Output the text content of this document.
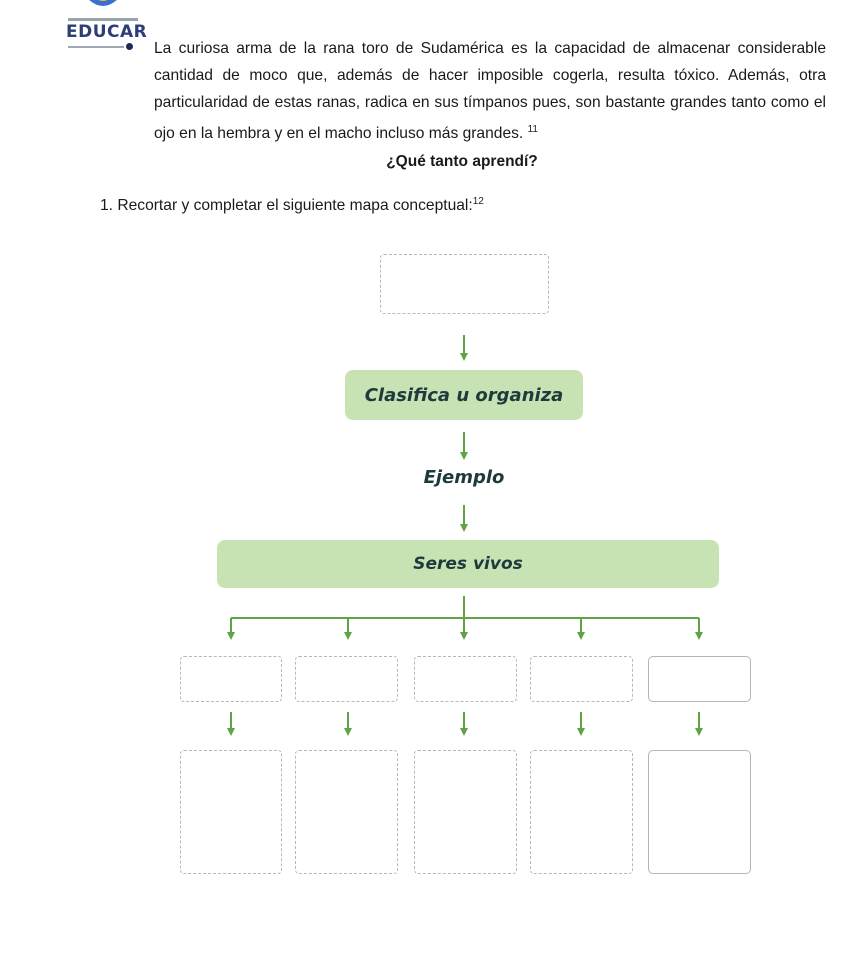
EDUCAR

La curiosa arma de la rana toro de Sudamérica es la capacidad de almacenar considerable cantidad de moco que, además de hacer imposible cogerla, resulta tóxico. Además, otra particularidad de estas ranas, radica en sus tímpanos pues, son bastante grandes tanto como el ojo en la hembra y en el macho incluso más grandes. $^{11}$

¿Qué tanto aprendí?

1. Recortar y completar el siguiente mapa conceptual:$^{12}$

Clasifica u organiza
Ejemplo
Seres vivos
